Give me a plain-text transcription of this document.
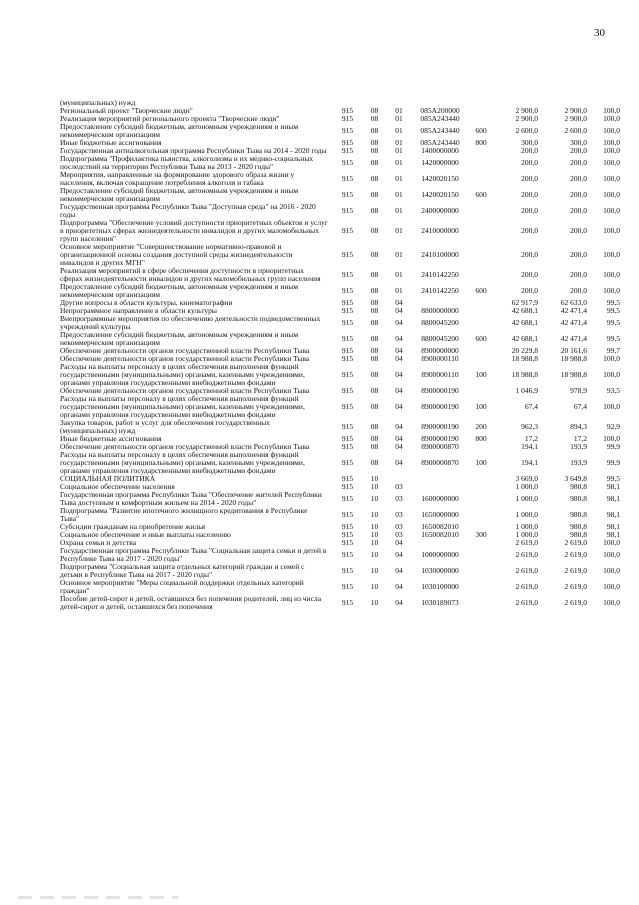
30
(муниципальных) нужд								
Региональный проект "Творческие люди"	915	08	01	085А200000		2 900,0	2 900,0	100,0
Реализация мероприятий регионального проекта "Творческие люди"	915	08	01	085А243440		2 900,0	2 900,0	100,0
Предоставление субсидий бюджетным, автономным учреждениям и иным некоммерческим организациям	915	08	01	085А243440	600	2 600,0	2 600,0	100,0
Иные бюджетные ассигнования	915	08	01	085А243440	800	300,0	300,0	100,0
Государственная антиалкогольная программа Республики Тыва на 2014 - 2020 годы	915	08	01	1400000000		200,0	200,0	100,0
Подпрограмма "Профилактика пьянства, алкоголизма и их медико-социальных последствий на территории Республики Тыва на 2013 - 2020 годы"	915	08	01	1420000000		200,0	200,0	100,0
Мероприятия, направленные на формирование здорового образа жизни у населения, включая сокращение потребления алкоголя и табака	915	08	01	1420020150		200,0	200,0	100,0
Предоставление субсидий бюджетным, автономным учреждениям и иным некоммерческим организациям	915	08	01	1420020150	600	200,0	200,0	100,0
Государственная программа Республики Тыва "Доступная среда" на 2016 - 2020 годы	915	08	01	2400000000		200,0	200,0	100,0
Подпрограмма "Обеспечение условий доступности приоритетных объектов и услуг в приоритетных сферах жизнедеятельности инвалидов и других маломобильных групп населения"	915	08	01	2410000000		200,0	200,0	100,0
Основное мероприятие "Совершенствование нормативно-правовой и организационной основы создания доступной среды жизнедеятельности инвалидов и других МГН"	915	08	01	2410100000		200,0	200,0	100,0
Реализация мероприятий в сфере обеспечения доступности в приоритетных сферах жизнедеятельности инвалидов и других маломобильных групп населения	915	08	01	2410142250		200,0	200,0	100,0
Предоставление субсидий бюджетным, автономным учреждениям и иным некоммерческим организациям	915	08	01	2410142250	600	200,0	200,0	100,0
Другие вопросы в области культуры, кинематографии	915	08	04			62 917,9	62 633,0	99,5
Непрограммное направление в области культуры	915	08	04	8800000000		42 688,1	42 471,4	99,5
Внепрограммные мероприятия по обеспечению деятельности подведомственных учреждений культуры	915	08	04	8800045200		42 688,1	42 471,4	99,5
Предоставление субсидий бюджетным, автономным учреждениям и иным некоммерческим организациям	915	08	04	8800045200	600	42 688,1	42 471,4	99,5
Обеспечение деятельности органов государственной власти Республики Тыва	915	08	04	8900000000		20 229,8	20 161,6	99,7
Обеспечение деятельности органов государственной власти Республики Тыва	915	08	04	8900000110		18 988,8	18 988,8	100,0
Расходы на выплаты персоналу в целях обеспечения выполнения функций государственными (муниципальными) органами, казенными учреждениями, органами управления государственными внебюджетными фондами	915	08	04	8900000110	100	18 988,8	18 988,8	100,0
Обеспечение деятельности органов государственной власти Республики Тыва	915	08	04	8900000190		1 046,9	978,9	93,5
Расходы на выплаты персоналу в целях обеспечения выполнения функций государственными (муниципальными) органами, казенными учреждениями, органами управления государственными внебюджетными фондами	915	08	04	8900000190	100	67,4	67,4	100,0
Закупка товаров, работ и услуг для обеспечения государственных (муниципальных) нужд	915	08	04	8900000190	200	962,3	894,3	92,9
Иные бюджетные ассигнования	915	08	04	8900000190	800	17,2	17,2	100,0
Обеспечение деятельности органов государственной власти Республики Тыва	915	08	04	8900000870		194,1	193,9	99,9
Расходы на выплаты персоналу в целях обеспечения выполнения функций государственными (муниципальными) органами, казенными учреждениями, органами управления государственными внебюджетными фондами	915	08	04	8900000870	100	194,1	193,9	99,9
СОЦИАЛЬНАЯ ПОЛИТИКА	915	10				3 669,0	3 649,8	99,5
Социальное обеспечение населения	915	10	03			1 000,0	980,8	98,1
Государственная программа Республики Тыва "Обеспечение жителей Республики Тыва доступным и комфортным жильем на 2014 - 2020 годы"	915	10	03	1600000000		1 000,0	980,8	98,1
Подпрограмма "Развитие ипотечного жилищного кредитования в Республике Тыва"	915	10	03	1650000000		1 000,0	980,8	98,1
Субсидии гражданам на приобретение жилья	915	10	03	1650082010		1 000,0	980,8	98,1
Социальное обеспечение и иные выплаты населению	915	10	03	1650082010	300	1 000,0	980,8	98,1
Охрана семьи и детства	915	10	04			2 619,0	2 619,0	100,0
Государственная программа Республики Тыва "Социальная защита семьи и детей в Республике Тыва на 2017 - 2020 годы"	915	10	04	1000000000		2 619,0	2 619,0	100,0
Подпрограмма "Социальная защита отдельных категорий граждан и семей с детьми в Республике Тыва на 2017 - 2020 годы"	915	10	04	1030000000		2 619,0	2 619,0	100,0
Основное мероприятие "Меры социальной поддержки отдельных категорий граждан"	915	10	04	1030100000		2 619,0	2 619,0	100,0
Пособие детей-сирот и детей, оставшихся без попечения родителей, лиц из числа детей-сирот и детей, оставшихся без попечения	915	10	04	1030189073		2 619,0	2 619,0	100,0
